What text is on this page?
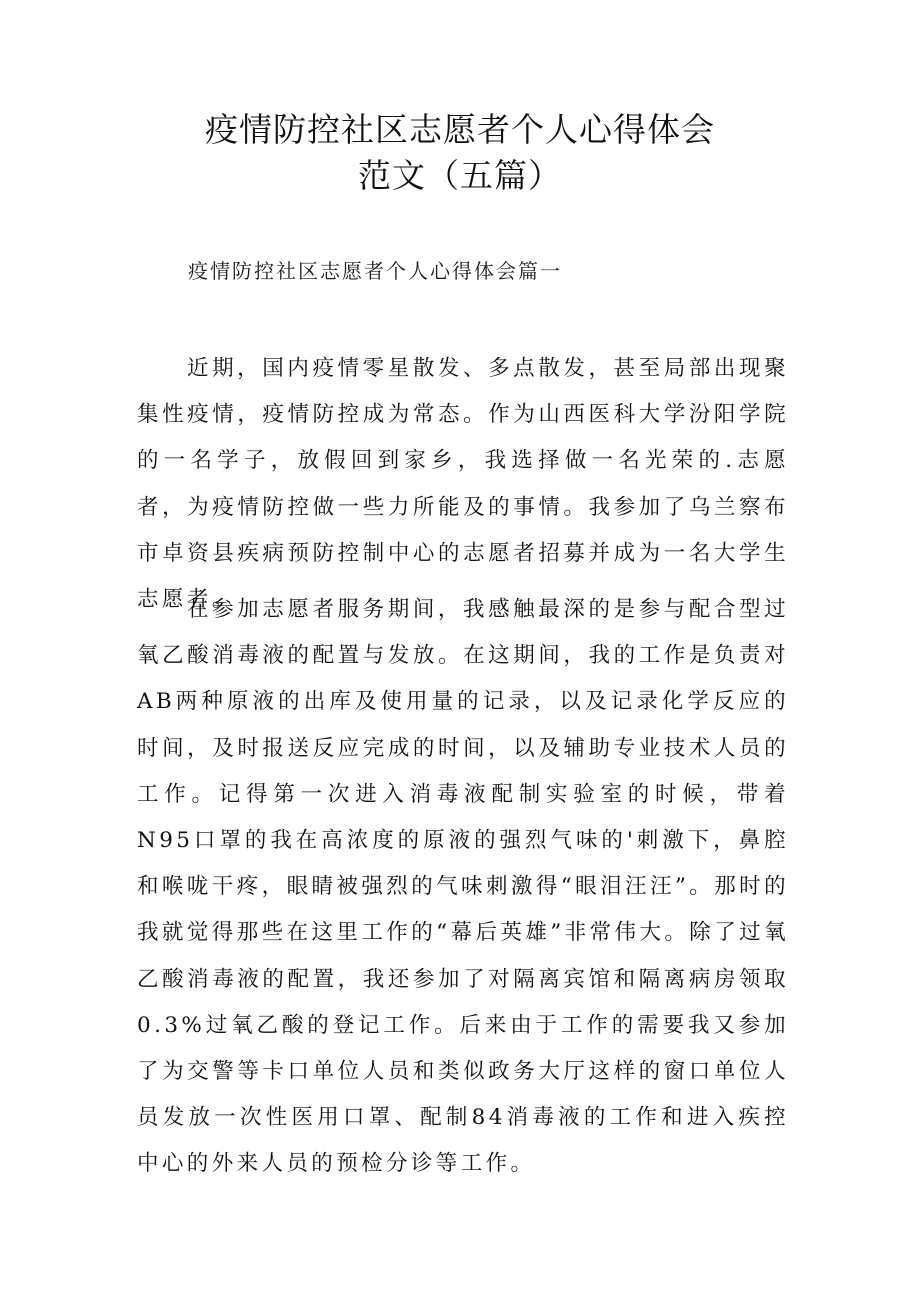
疫情防控社区志愿者个人心得体会
范文（五篇）
疫情防控社区志愿者个人心得体会篇一

近期，国内疫情零星散发、多点散发，甚至局部出现聚集性疫情，疫情防控成为常态。作为山西医科大学汾阳学院的一名学子，放假回到家乡，我选择做一名光荣的.志愿者，为疫情防控做一些力所能及的事情。我参加了乌兰察布市卓资县疾病预防控制中心的志愿者招募并成为一名大学生志愿者。

在参加志愿者服务期间，我感触最深的是参与配合型过氧乙酸消毒液的配置与发放。在这期间，我的工作是负责对AB两种原液的出库及使用量的记录，以及记录化学反应的时间，及时报送反应完成的时间，以及辅助专业技术人员的工作。记得第一次进入消毒液配制实验室的时候，带着N95口罩的我在高浓度的原液的强烈气味的'刺激下，鼻腔和喉咙干疼，眼睛被强烈的气味刺激得“眼泪汪汪”。那时的我就觉得那些在这里工作的“幕后英雄”非常伟大。除了过氧乙酸消毒液的配置，我还参加了对隔离宾馆和隔离病房领取0.3%过氧乙酸的登记工作。后来由于工作的需要我又参加了为交警等卡口单位人员和类似政务大厅这样的窗口单位人员发放一次性医用口罩、配制84消毒液的工作和进入疾控中心的外来人员的预检分诊等工作。
